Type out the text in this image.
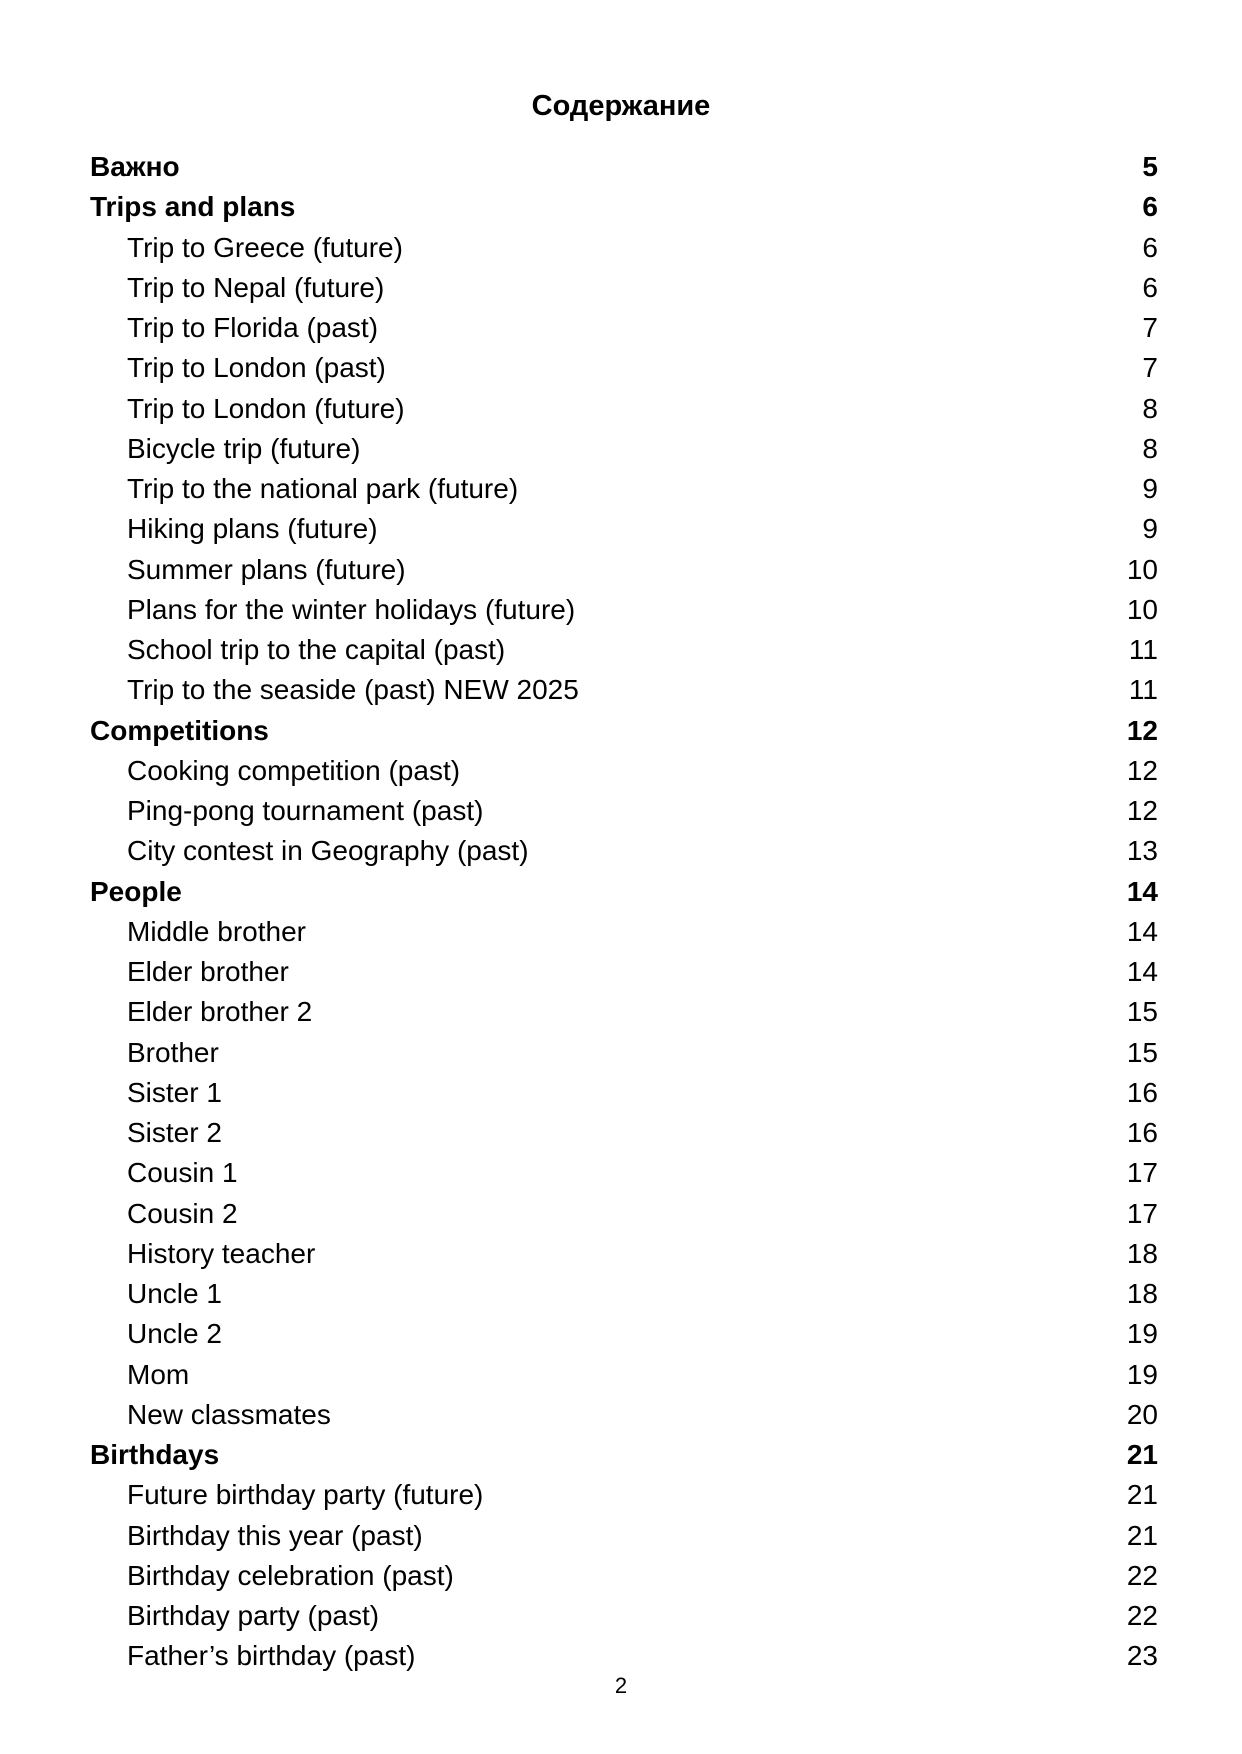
Содержание
Важно	5
Trips and plans	6
Trip to Greece (future)	6
Trip to Nepal (future)	6
Trip to Florida (past)	7
Trip to London (past)	7
Trip to London (future)	8
Bicycle trip (future)	8
Trip to the national park (future)	9
Hiking plans (future)	9
Summer plans (future)	10
Plans for the winter holidays (future)	10
School trip to the capital (past)	11
Trip to the seaside (past) NEW 2025	11
Competitions	12
Cooking competition (past)	12
Ping-pong tournament (past)	12
City contest in Geography (past)	13
People	14
Middle brother	14
Elder brother	14
Elder brother 2	15
Brother	15
Sister 1	16
Sister 2	16
Cousin 1	17
Cousin 2	17
History teacher	18
Uncle 1	18
Uncle 2	19
Mom	19
New classmates	20
Birthdays	21
Future birthday party (future)	21
Birthday this year (past)	21
Birthday celebration (past)	22
Birthday party (past)	22
Father’s birthday (past)	23
2
